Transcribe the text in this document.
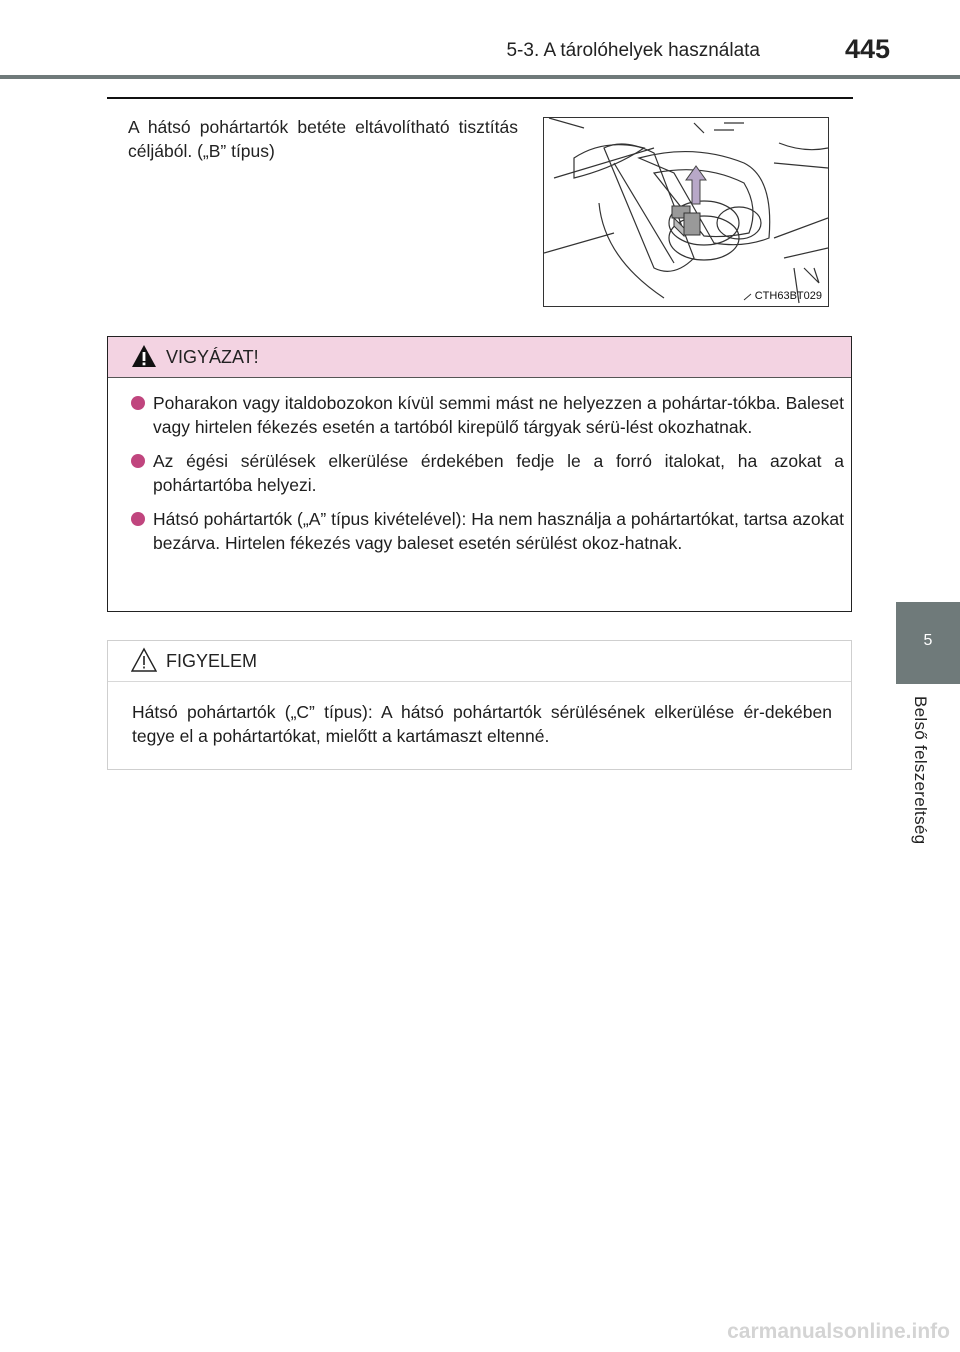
5-3. A tárolóhelyek használata	445
A hátsó pohártartók betéte eltávolítható tisztítás céljából. („B” típus)
CTH63BT029
VIGYÁZAT!
Poharakon vagy italdobozokon kívül semmi mást ne helyezzen a pohártar-tókba. Baleset vagy hirtelen fékezés esetén a tartóból kirepülő tárgyak sérü-lést okozhatnak.
Az égési sérülések elkerülése érdekében fedje le a forró italokat, ha azokat a pohártartóba helyezi.
Hátsó pohártartók („A” típus kivételével): Ha nem használja a pohártartókat, tartsa azokat bezárva. Hirtelen fékezés vagy baleset esetén sérülést okoz-hatnak.
FIGYELEM
Hátsó pohártartók („C” típus): A hátsó pohártartók sérülésének elkerülése ér-dekében tegye el a pohártartókat, mielőtt a kartámaszt eltenné.
5
Belső felszereltség
carmanualsonline.info
